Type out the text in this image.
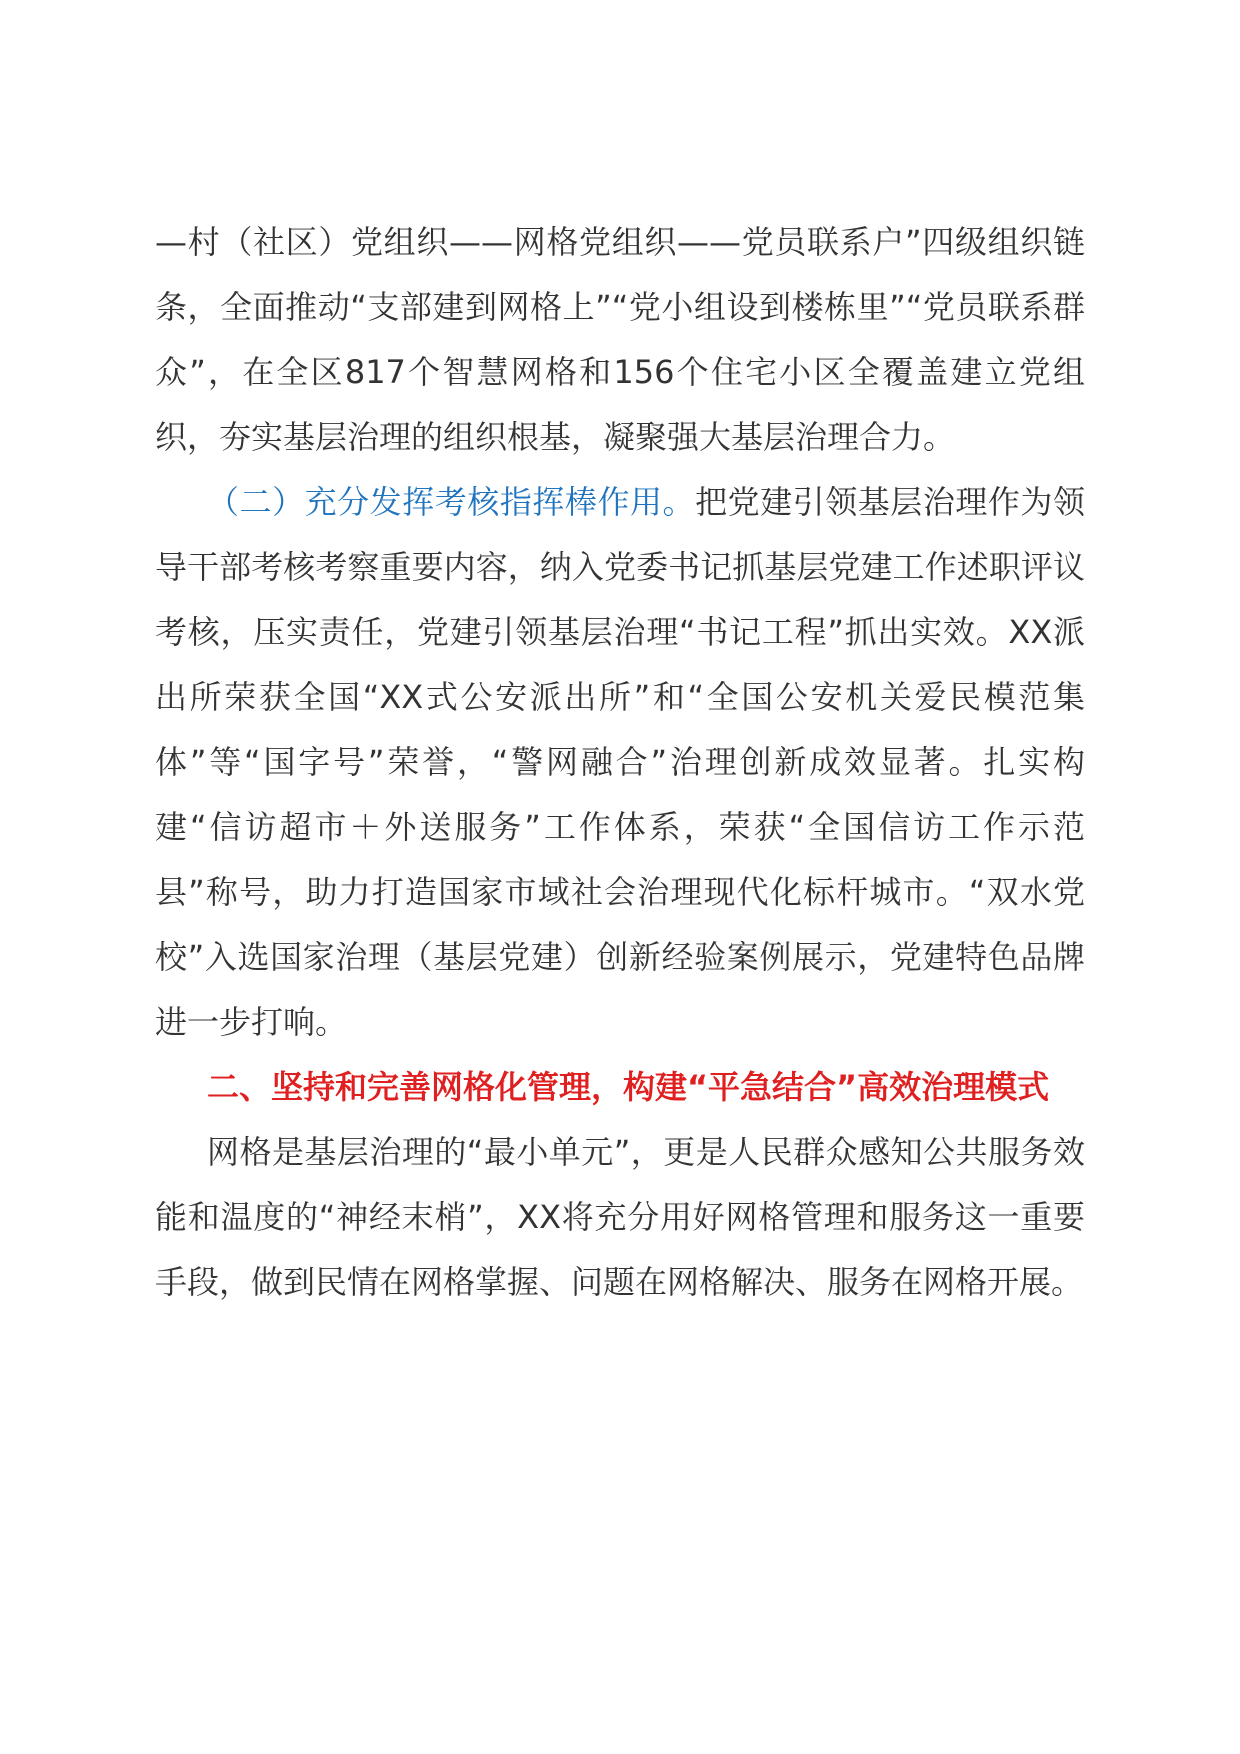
—村（社区）党组织——网格党组织——党员联系户”四级组织链条，全面推动“支部建到网格上”“党小组设到楼栋里”“党员联系群众”，在全区817个智慧网格和156个住宅小区全覆盖建立党组织，夯实基层治理的组织根基，凝聚强大基层治理合力。

（二）充分发挥考核指挥棒作用。把党建引领基层治理作为领导干部考核考察重要内容，纳入党委书记抓基层党建工作述职评议考核，压实责任，党建引领基层治理“书记工程”抓出实效。XX派出所荣获全国“XX式公安派出所”和“全国公安机关爱民模范集体”等“国字号”荣誉，“警网融合”治理创新成效显著。扎实构建“信访超市＋外送服务”工作体系，荣获“全国信访工作示范县”称号，助力打造国家市域社会治理现代化标杆城市。“双水党校”入选国家治理（基层党建）创新经验案例展示，党建特色品牌进一步打响。

二、坚持和完善网格化管理，构建“平急结合”高效治理模式

网格是基层治理的“最小单元”，更是人民群众感知公共服务效能和温度的“神经末梢”，XX将充分用好网格管理和服务这一重要手段，做到民情在网格掌握、问题在网格解决、服务在网格开展。
